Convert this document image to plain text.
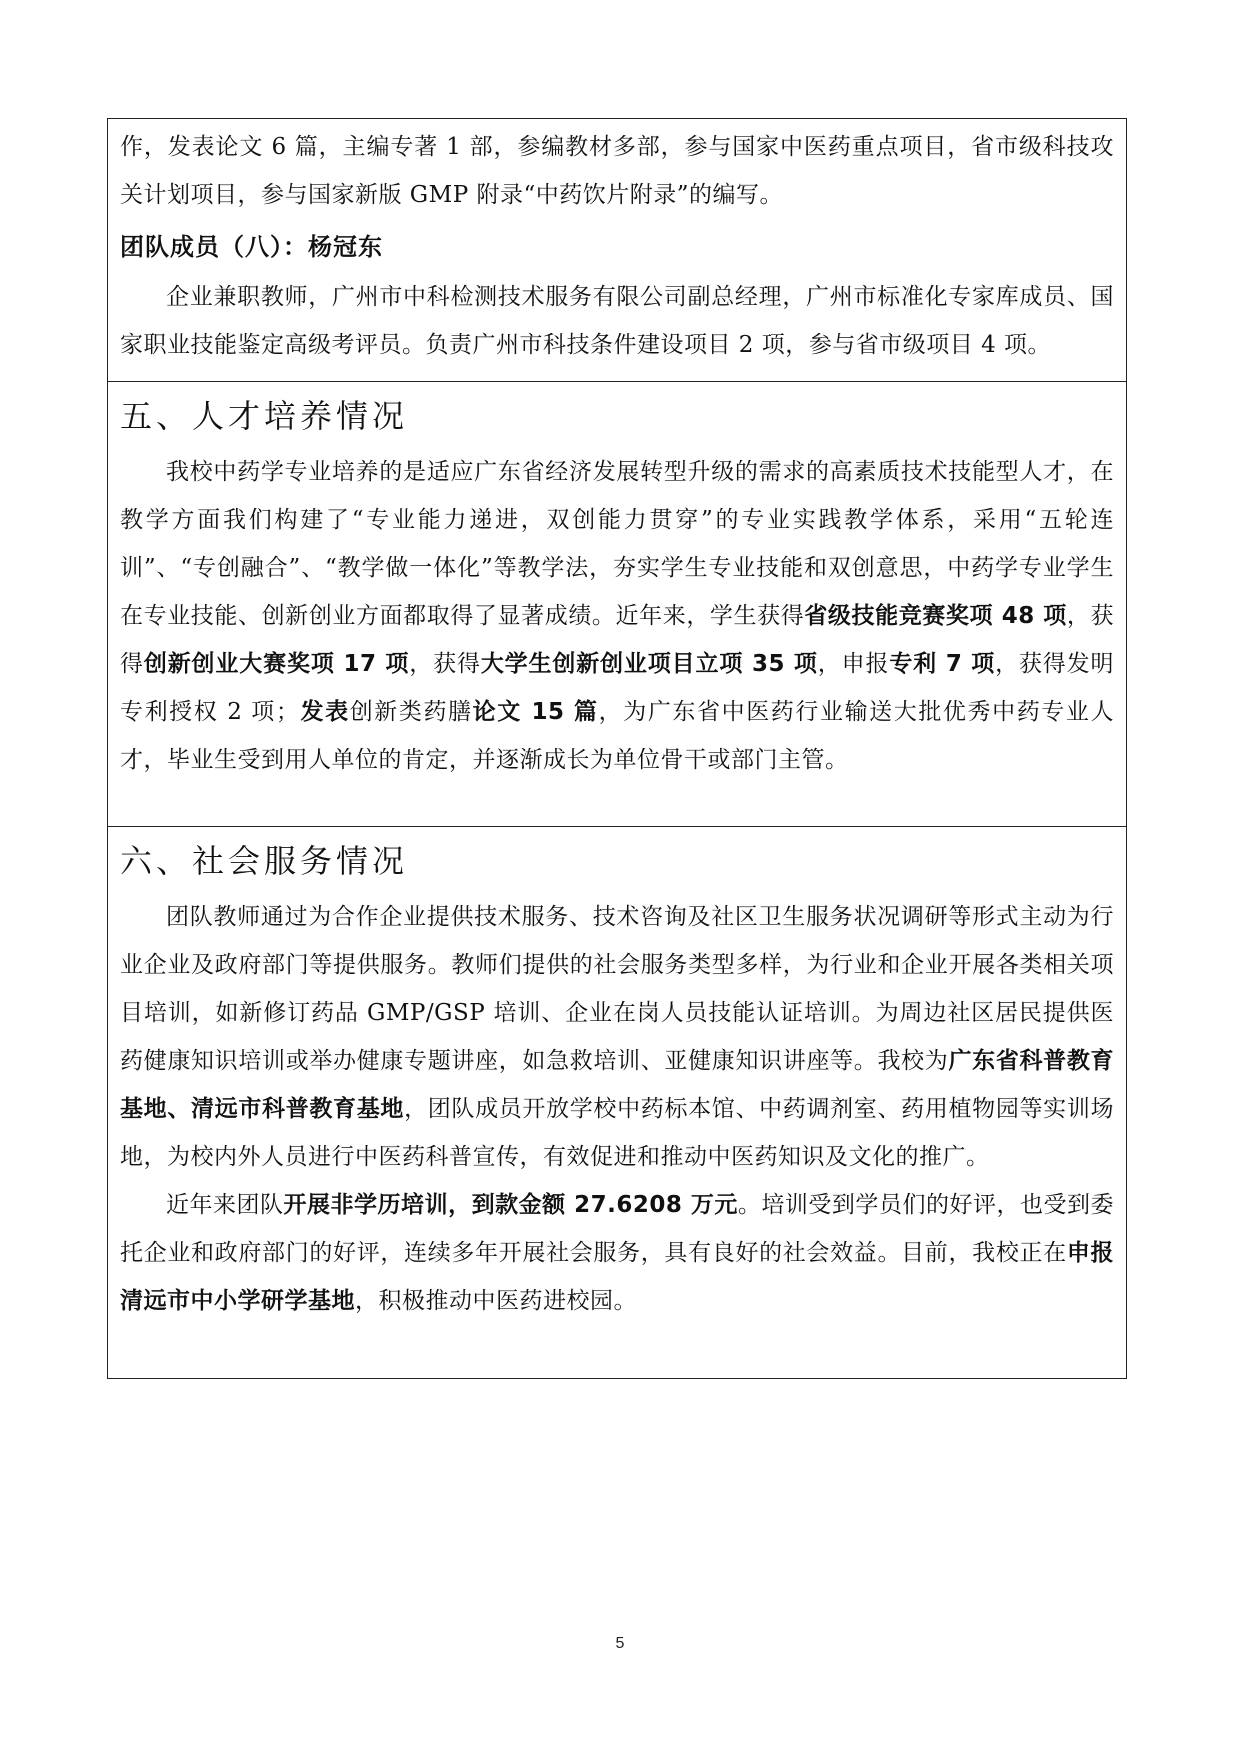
作，发表论文 6 篇，主编专著 1 部，参编教材多部，参与国家中医药重点项目，省市级科技攻关计划项目，参与国家新版 GMP 附录“中药饮片附录”的编写。

团队成员（八）：杨冠东

企业兼职教师，广州市中科检测技术服务有限公司副总经理，广州市标准化专家库成员、国家职业技能鉴定高级考评员。负责广州市科技条件建设项目 2 项，参与省市级项目 4 项。

五、人才培养情况

我校中药学专业培养的是适应广东省经济发展转型升级的需求的高素质技术技能型人才，在教学方面我们构建了“专业能力递进，双创能力贯穿”的专业实践教学体系，采用“五轮连训”、“专创融合”、“教学做一体化”等教学法，夯实学生专业技能和双创意思，中药学专业学生在专业技能、创新创业方面都取得了显著成绩。近年来，学生获得省级技能竞赛奖项 48 项，获得创新创业大赛奖项 17 项，获得大学生创新创业项目立项 35 项，申报专利 7 项，获得发明专利授权 2 项；发表创新类药膳论文 15 篇，为广东省中医药行业输送大批优秀中药专业人才，毕业生受到用人单位的肯定，并逐渐成长为单位骨干或部门主管。

六、社会服务情况

团队教师通过为合作企业提供技术服务、技术咨询及社区卫生服务状况调研等形式主动为行业企业及政府部门等提供服务。教师们提供的社会服务类型多样，为行业和企业开展各类相关项目培训，如新修订药品 GMP/GSP 培训、企业在岗人员技能认证培训。为周边社区居民提供医药健康知识培训或举办健康专题讲座，如急救培训、亚健康知识讲座等。我校为广东省科普教育基地、清远市科普教育基地，团队成员开放学校中药标本馆、中药调剂室、药用植物园等实训场地，为校内外人员进行中医药科普宣传，有效促进和推动中医药知识及文化的推广。

近年来团队开展非学历培训，到款金额 27.6208 万元。培训受到学员们的好评，也受到委托企业和政府部门的好评，连续多年开展社会服务，具有良好的社会效益。目前，我校正在申报清远市中小学研学基地，积极推动中医药进校园。

5
